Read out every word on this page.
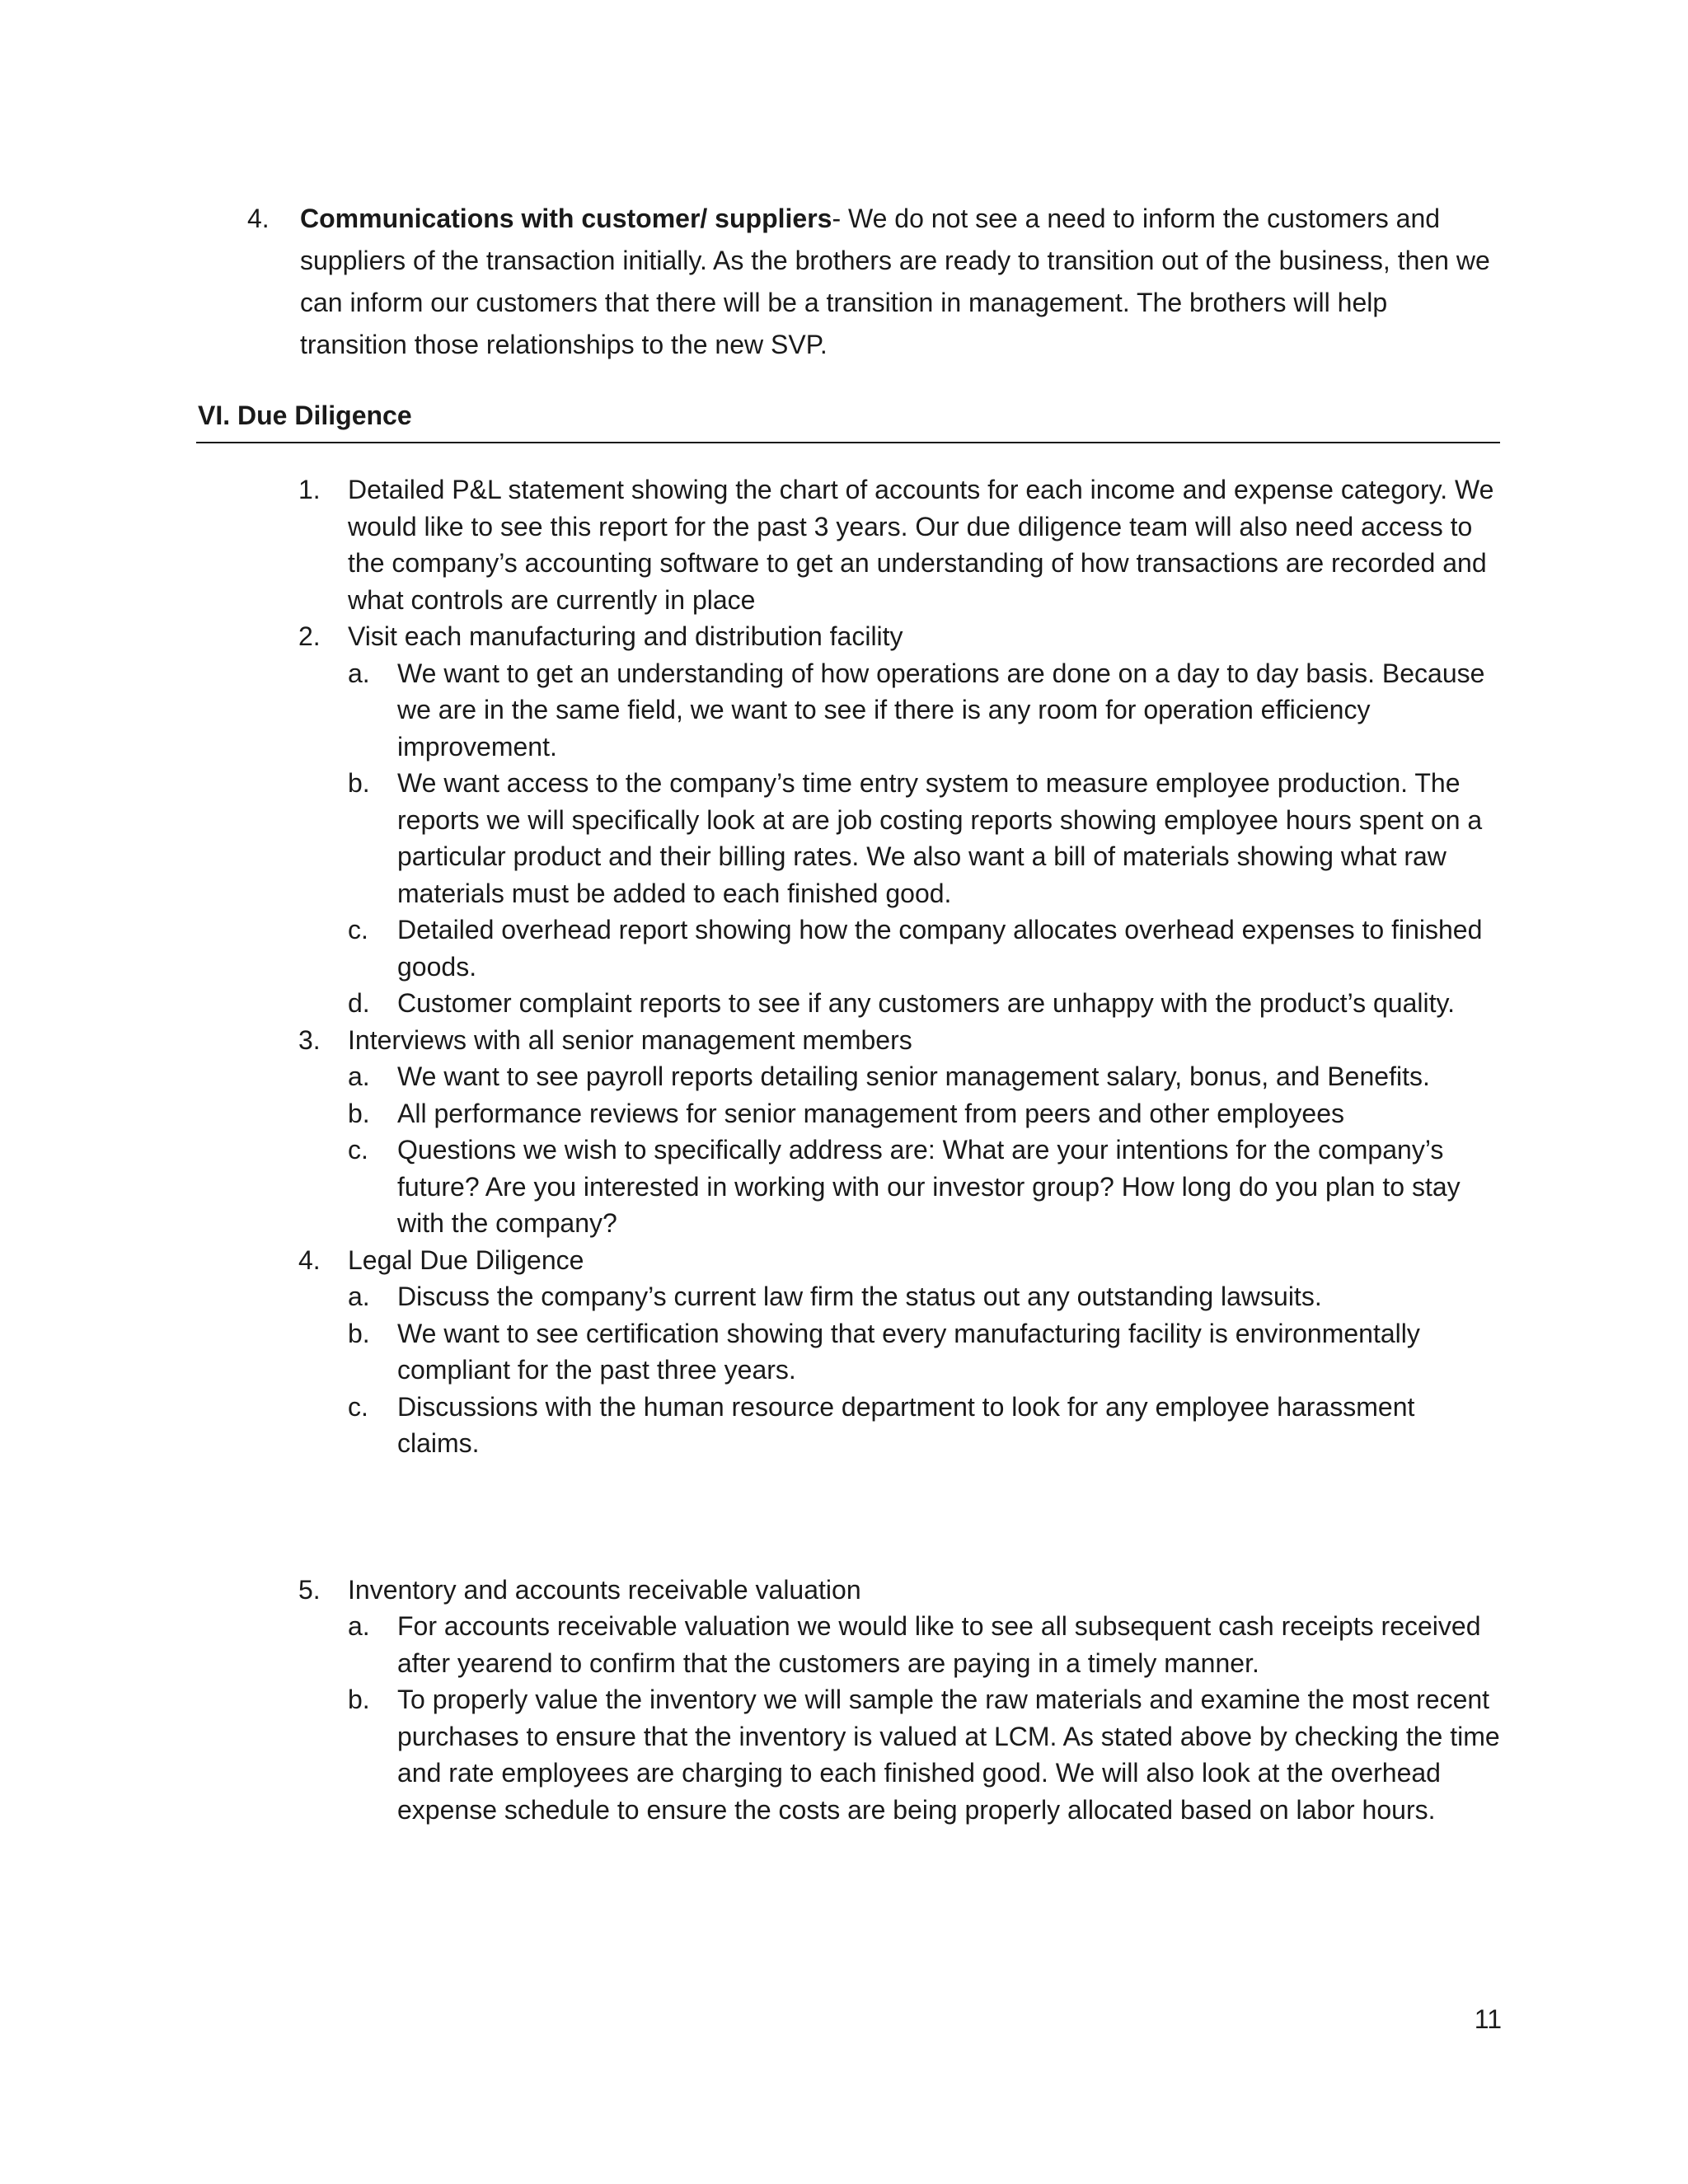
4. Communications with customer/ suppliers- We do not see a need to inform the customers and suppliers of the transaction initially. As the brothers are ready to transition out of the business, then we can inform our customers that there will be a transition in management. The brothers will help transition those relationships to the new SVP.
VI. Due Diligence
1. Detailed P&L statement showing the chart of accounts for each income and expense category. We would like to see this report for the past 3 years. Our due diligence team will also need access to the company’s accounting software to get an understanding of how transactions are recorded and what controls are currently in place
2. Visit each manufacturing and distribution facility
a. We want to get an understanding of how operations are done on a day to day basis. Because we are in the same field, we want to see if there is any room for operation efficiency improvement.
b. We want access to the company’s time entry system to measure employee production. The reports we will specifically look at are job costing reports showing employee hours spent on a particular product and their billing rates. We also want a bill of materials showing what raw materials must be added to each finished good.
c. Detailed overhead report showing how the company allocates overhead expenses to finished goods.
d. Customer complaint reports to see if any customers are unhappy with the product’s quality.
3. Interviews with all senior management members
a. We want to see payroll reports detailing senior management salary, bonus, and Benefits.
b. All performance reviews for senior management from peers and other employees
c. Questions we wish to specifically address are: What are your intentions for the company’s future? Are you interested in working with our investor group? How long do you plan to stay with the company?
4. Legal Due Diligence
a. Discuss the company’s current law firm the status out any outstanding lawsuits.
b. We want to see certification showing that every manufacturing facility is environmentally compliant for the past three years.
c. Discussions with the human resource department to look for any employee harassment claims.
5. Inventory and accounts receivable valuation
a. For accounts receivable valuation we would like to see all subsequent cash receipts received after yearend to confirm that the customers are paying in a timely manner.
b. To properly value the inventory we will sample the raw materials and examine the most recent purchases to ensure that the inventory is valued at LCM. As stated above by checking the time and rate employees are charging to each finished good. We will also look at the overhead expense schedule to ensure the costs are being properly allocated based on labor hours.
11
